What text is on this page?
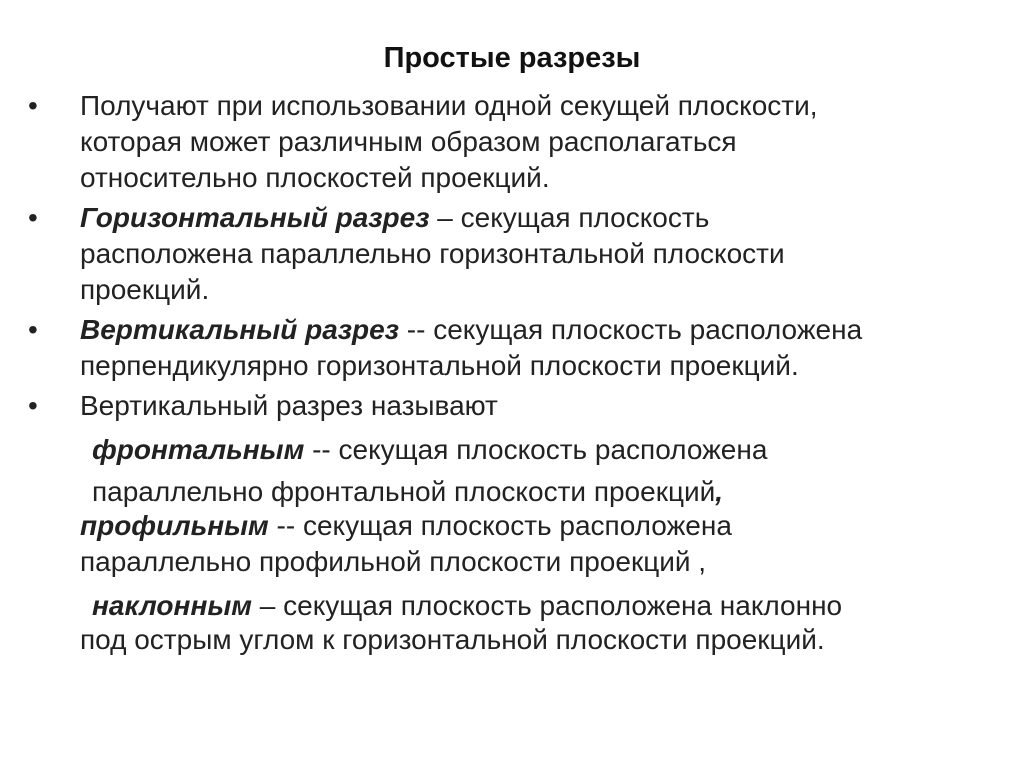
Простые разрезы
• Получают при использовании одной секущей плоскости,
которая может различным образом располагаться
относительно плоскостей проекций.
• Горизонтальный разрез – секущая плоскость
расположена параллельно горизонтальной плоскости
проекций.
• Вертикальный разрез -- секущая плоскость расположена
перпендикулярно горизонтальной плоскости проекций.
• Вертикальный разрез называют
фронтальным -- секущая плоскость расположена
параллельно фронтальной плоскости проекций,
профильным -- секущая плоскость расположена
параллельно профильной плоскости проекций ,
наклонным – секущая плоскость расположена наклонно
под острым углом к горизонтальной плоскости проекций.
